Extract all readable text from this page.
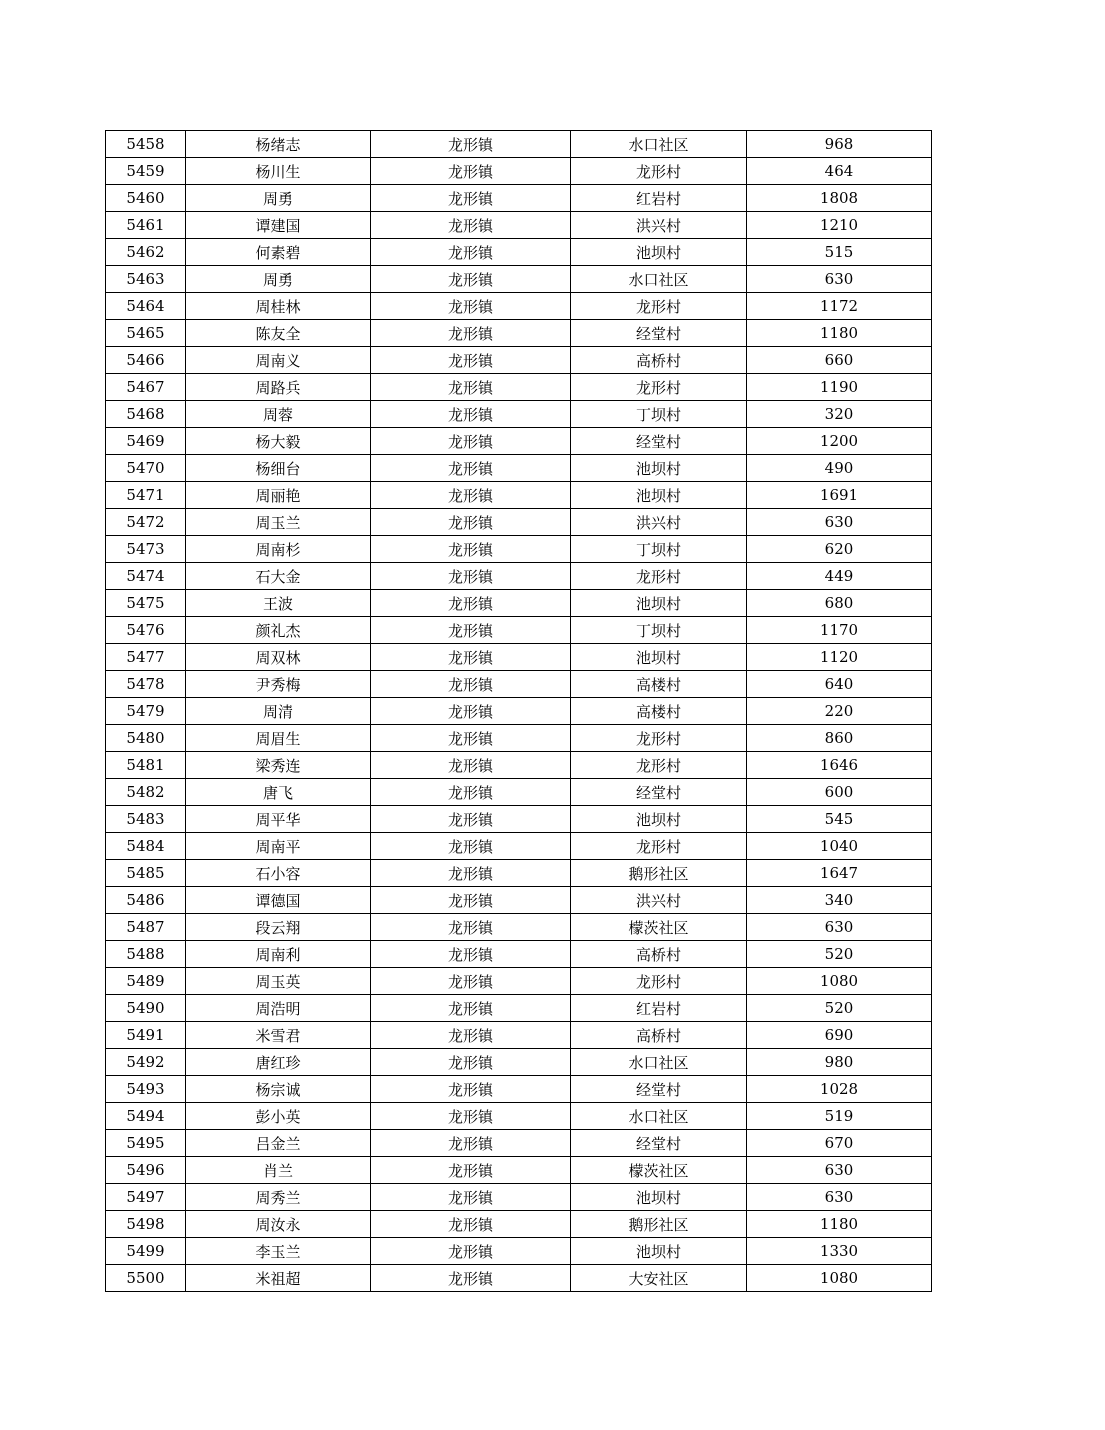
5458	杨绪志	龙形镇	水口社区	968
5459	杨川生	龙形镇	龙形村	464
5460	周勇	龙形镇	红岩村	1808
5461	谭建国	龙形镇	洪兴村	1210
5462	何素碧	龙形镇	池坝村	515
5463	周勇	龙形镇	水口社区	630
5464	周桂林	龙形镇	龙形村	1172
5465	陈友全	龙形镇	经堂村	1180
5466	周南义	龙形镇	高桥村	660
5467	周路兵	龙形镇	龙形村	1190
5468	周蓉	龙形镇	丁坝村	320
5469	杨大毅	龙形镇	经堂村	1200
5470	杨细台	龙形镇	池坝村	490
5471	周丽艳	龙形镇	池坝村	1691
5472	周玉兰	龙形镇	洪兴村	630
5473	周南杉	龙形镇	丁坝村	620
5474	石大金	龙形镇	龙形村	449
5475	王波	龙形镇	池坝村	680
5476	颜礼杰	龙形镇	丁坝村	1170
5477	周双林	龙形镇	池坝村	1120
5478	尹秀梅	龙形镇	高楼村	640
5479	周清	龙形镇	高楼村	220
5480	周眉生	龙形镇	龙形村	860
5481	梁秀连	龙形镇	龙形村	1646
5482	唐飞	龙形镇	经堂村	600
5483	周平华	龙形镇	池坝村	545
5484	周南平	龙形镇	龙形村	1040
5485	石小容	龙形镇	鹅形社区	1647
5486	谭德国	龙形镇	洪兴村	340
5487	段云翔	龙形镇	檬茨社区	630
5488	周南利	龙形镇	高桥村	520
5489	周玉英	龙形镇	龙形村	1080
5490	周浩明	龙形镇	红岩村	520
5491	米雪君	龙形镇	高桥村	690
5492	唐红珍	龙形镇	水口社区	980
5493	杨宗诚	龙形镇	经堂村	1028
5494	彭小英	龙形镇	水口社区	519
5495	吕金兰	龙形镇	经堂村	670
5496	肖兰	龙形镇	檬茨社区	630
5497	周秀兰	龙形镇	池坝村	630
5498	周汝永	龙形镇	鹅形社区	1180
5499	李玉兰	龙形镇	池坝村	1330
5500	米祖超	龙形镇	大安社区	1080
